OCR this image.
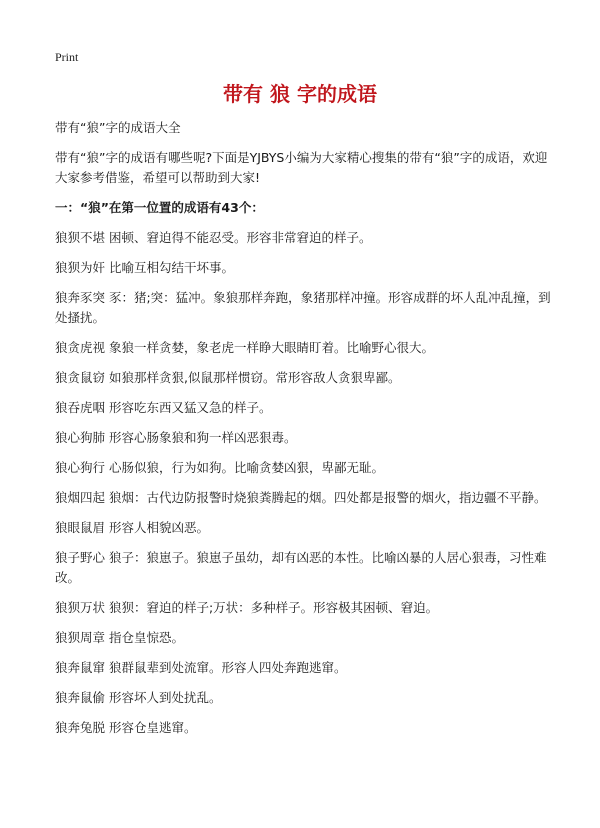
Print
带有 狼 字的成语

带有“狼”字的成语大全

带有“狼”字的成语有哪些呢?下面是YJBYS小编为大家精心搜集的带有“狼”字的成语，欢迎大家参考借鉴，希望可以帮助到大家!

一：“狼”在第一位置的成语有43个：

狼狈不堪 困顿、窘迫得不能忍受。形容非常窘迫的样子。

狼狈为奸 比喻互相勾结干坏事。

狼奔豕突 豕：猪;突：猛冲。象狼那样奔跑，象猪那样冲撞。形容成群的坏人乱冲乱撞，到处搔扰。

狼贪虎视 象狼一样贪婪，象老虎一样睁大眼睛盯着。比喻野心很大。

狼贪鼠窃 如狼那样贪狠,似鼠那样惯窃。常形容敌人贪狠卑鄙。

狼吞虎咽 形容吃东西又猛又急的样子。

狼心狗肺 形容心肠象狼和狗一样凶恶狠毒。

狼心狗行 心肠似狼，行为如狗。比喻贪婪凶狠，卑鄙无耻。

狼烟四起 狼烟：古代边防报警时烧狼粪腾起的烟。四处都是报警的烟火，指边疆不平静。

狼眼鼠眉 形容人相貌凶恶。

狼子野心 狼子：狼崽子。狼崽子虽幼，却有凶恶的本性。比喻凶暴的人居心狠毒，习性难改。

狼狈万状 狼狈：窘迫的样子;万状：多种样子。形容极其困顿、窘迫。

狼狈周章 指仓皇惊恐。

狼奔鼠窜 狼群鼠辈到处流窜。形容人四处奔跑逃窜。

狼奔鼠偷 形容坏人到处扰乱。

狼奔兔脱 形容仓皇逃窜。
